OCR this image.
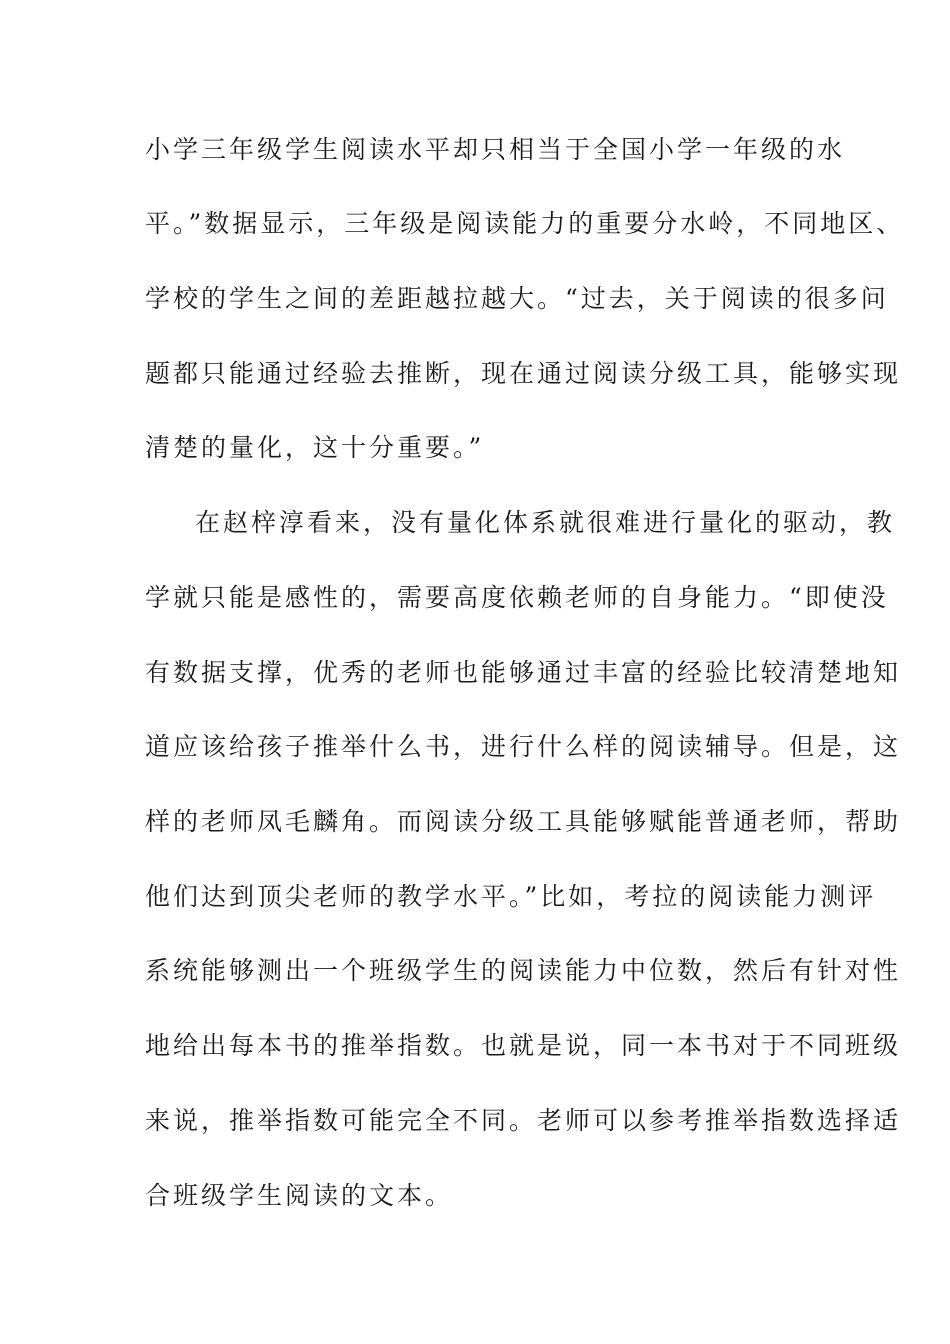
小学三年级学生阅读水平却只相当于全国小学一年级的水
平。”数据显示，三年级是阅读能力的重要分水岭，不同地区、
学校的学生之间的差距越拉越大。“过去，关于阅读的很多问
题都只能通过经验去推断，现在通过阅读分级工具，能够实现
清楚的量化，这十分重要。”
在赵梓淳看来，没有量化体系就很难进行量化的驱动，教
学就只能是感性的，需要高度依赖老师的自身能力。“即使没
有数据支撑，优秀的老师也能够通过丰富的经验比较清楚地知
道应该给孩子推举什么书，进行什么样的阅读辅导。但是，这
样的老师凤毛麟角。而阅读分级工具能够赋能普通老师，帮助
他们达到顶尖老师的教学水平。”比如，考拉的阅读能力测评
系统能够测出一个班级学生的阅读能力中位数，然后有针对性
地给出每本书的推举指数。也就是说，同一本书对于不同班级
来说，推举指数可能完全不同。老师可以参考推举指数选择适
合班级学生阅读的文本。
